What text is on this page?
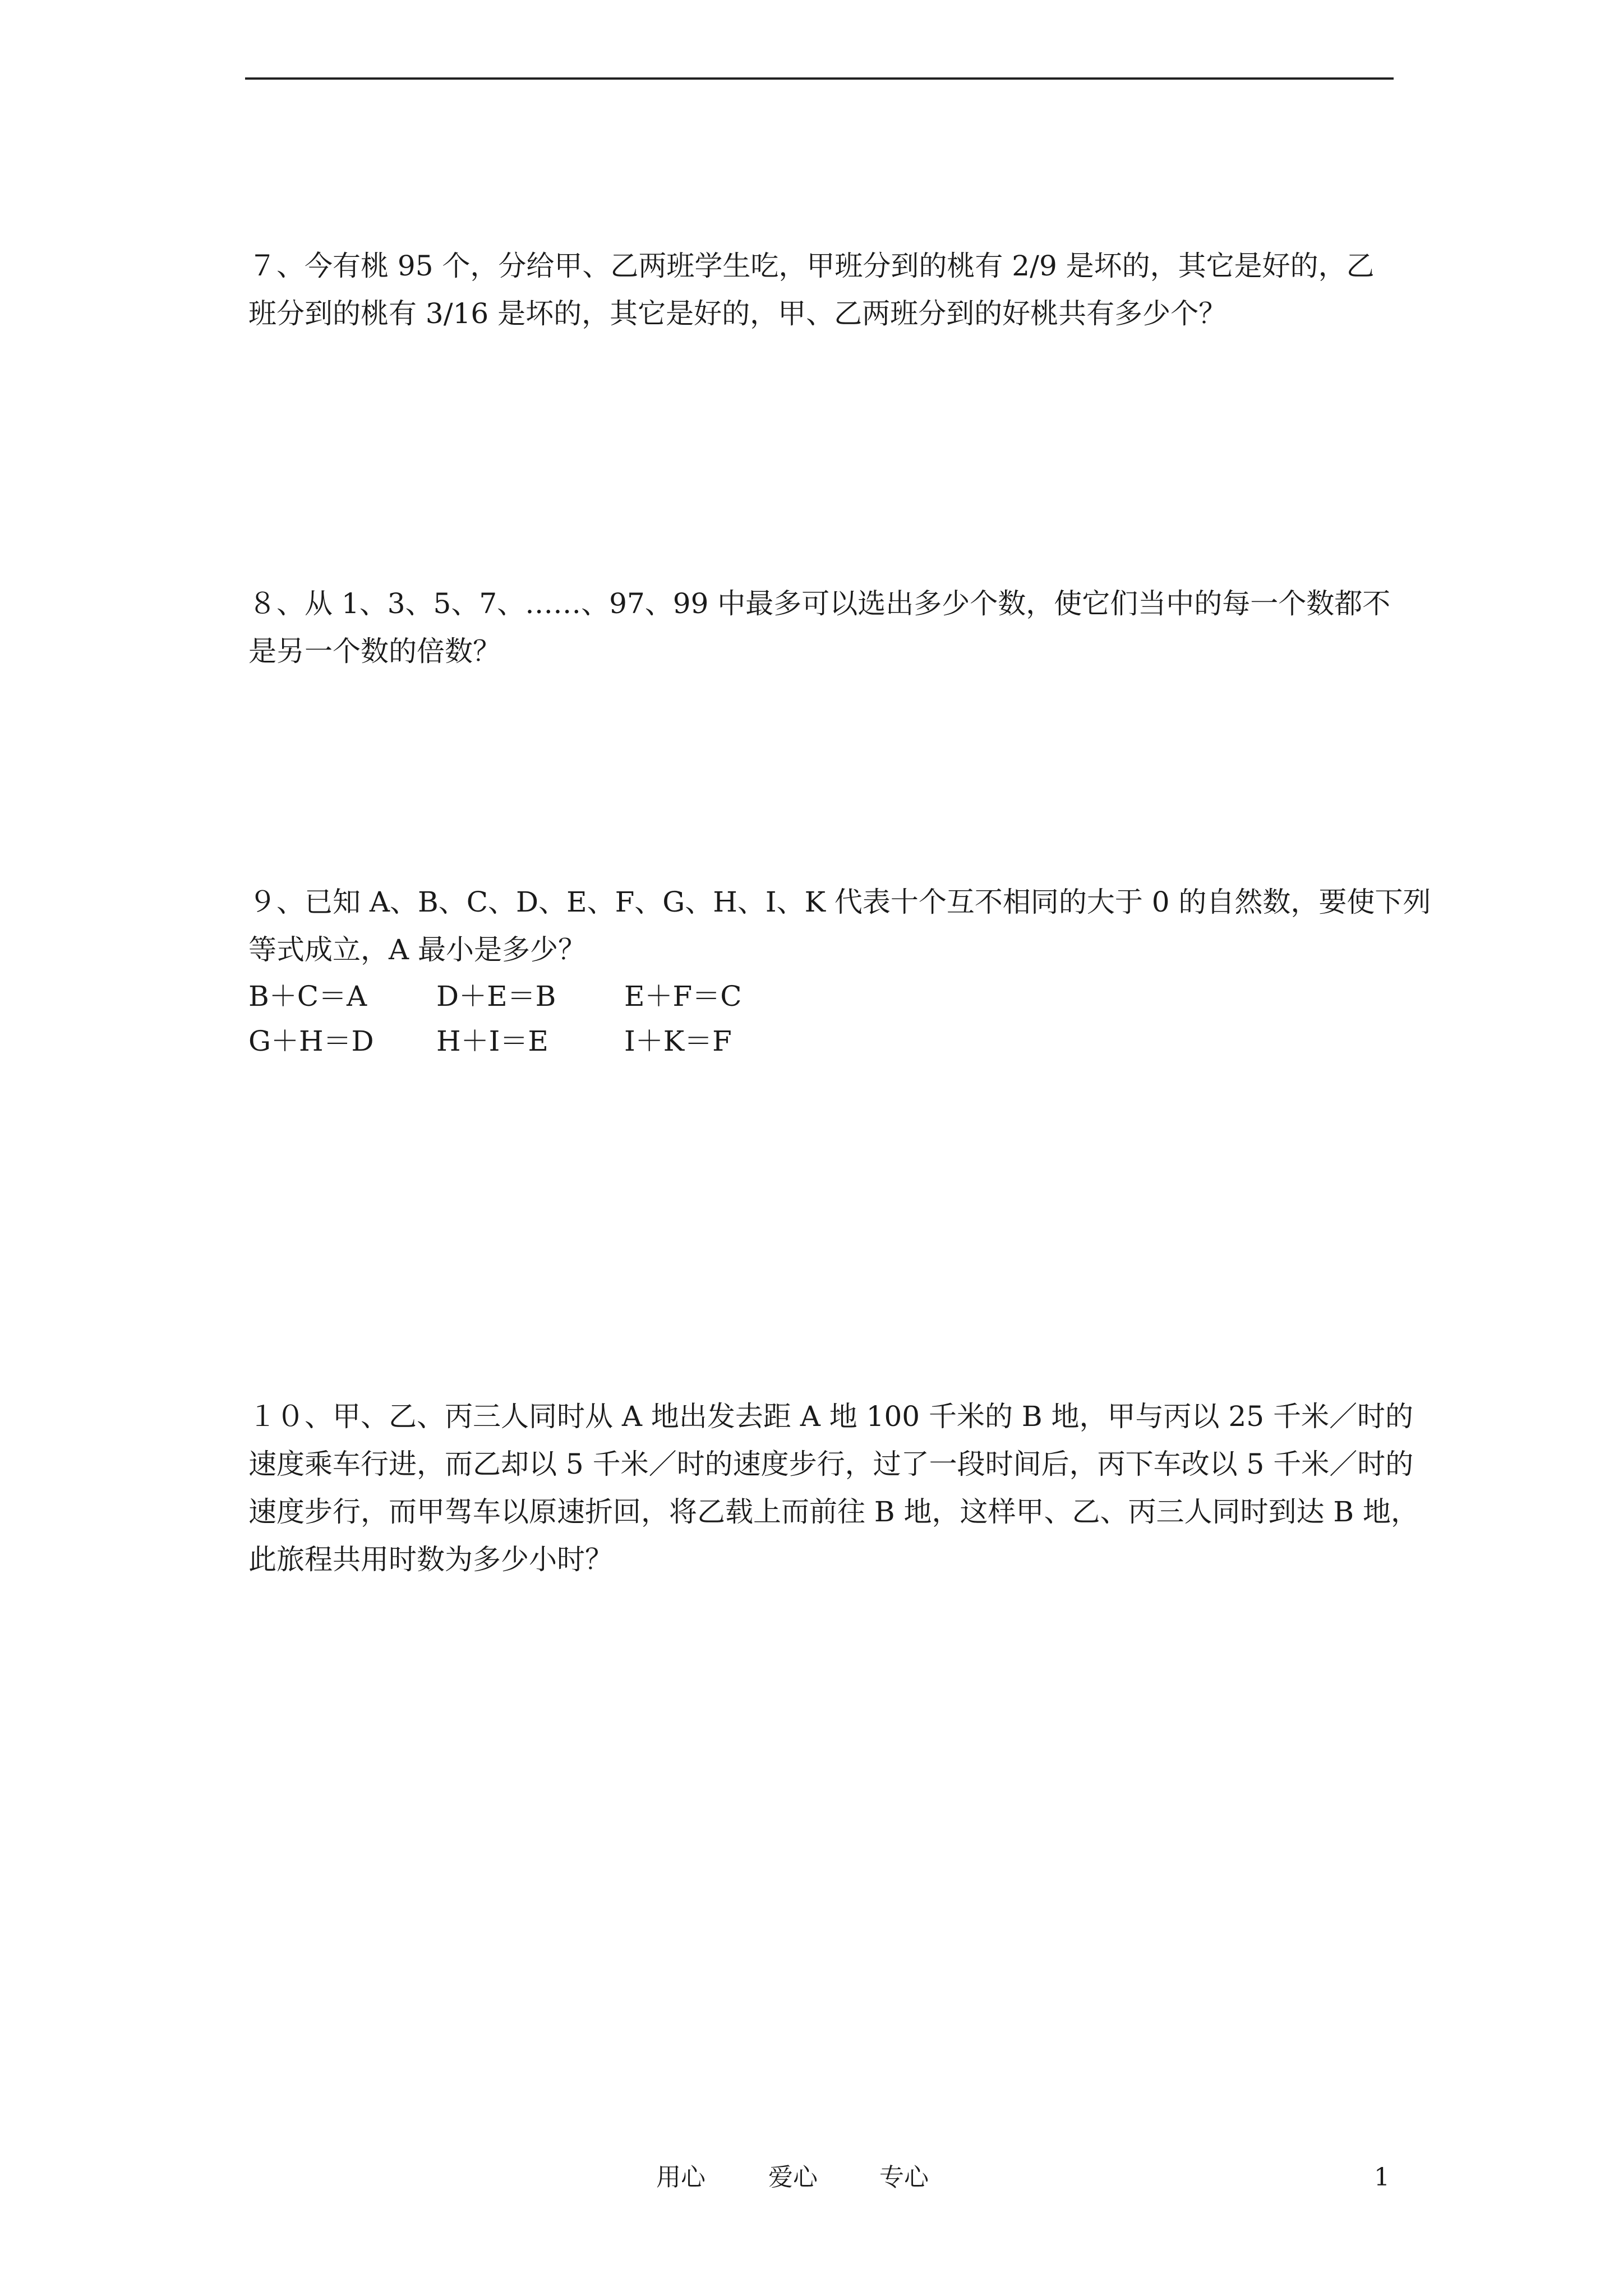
７、今有桃 95 个，分给甲、乙两班学生吃，甲班分到的桃有 2/9 是坏的，其它是好的，乙
班分到的桃有 3/16 是坏的，其它是好的，甲、乙两班分到的好桃共有多少个？
８、从 1、3、5、7、……、97、99 中最多可以选出多少个数，使它们当中的每一个数都不
是另一个数的倍数？
９、已知 A、B、C、D、E、F、G、H、I、K 代表十个互不相同的大于 0 的自然数，要使下列
等式成立，A 最小是多少？
B＋C＝A D＋E＝B E＋F＝C
G＋H＝D H＋I＝E	I＋K＝F
１０、甲、乙、丙三人同时从 A 地出发去距 A 地 100 千米的 B 地，甲与丙以 25 千米／时的
速度乘车行进，而乙却以 5 千米／时的速度步行，过了一段时间后，丙下车改以 5 千米／时的
速度步行，而甲驾车以原速折回，将乙载上而前往 B 地，这样甲、乙、丙三人同时到达 B 地，
此旅程共用时数为多少小时？
用心	爱心	专心	1
